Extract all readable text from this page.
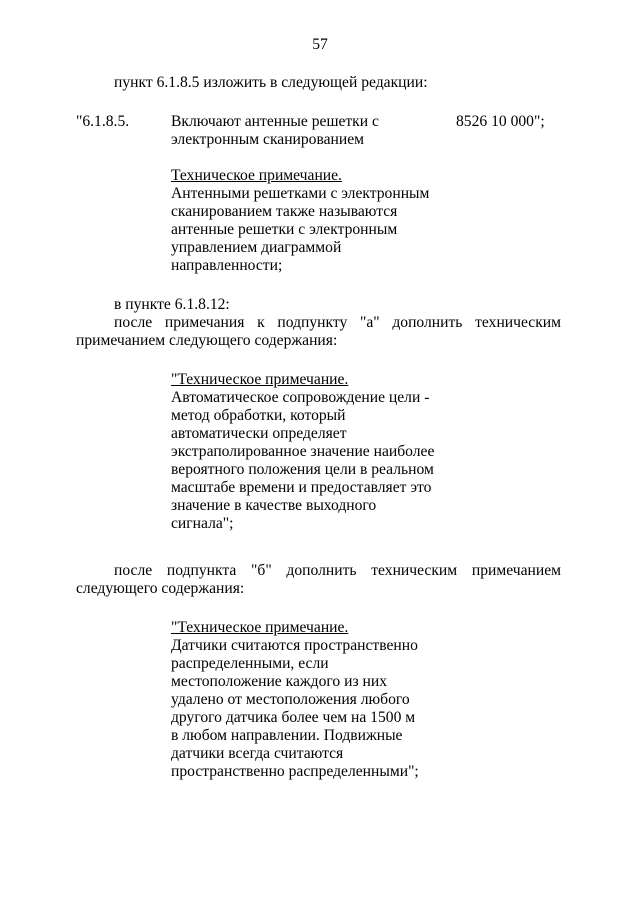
57
пункт 6.1.8.5 изложить в следующей редакции:
"6.1.8.5.	Включают антенные решетки с
электронным сканированием
8526 10 000";
Техническое примечание.
Антенными решетками с электронным
сканированием также называются
антенные решетки с электронным
управлением диаграммой
направленности;
в пункте 6.1.8.12:
после примечания к подпункту "а" дополнить техническим
примечанием следующего содержания:
"Техническое примечание.
Автоматическое сопровождение цели -
метод обработки, который
автоматически определяет
экстраполированное значение наиболее
вероятного положения цели в реальном
масштабе времени и предоставляет это
значение в качестве выходного
сигнала";
после подпункта "б" дополнить техническим примечанием
следующего содержания:
"Техническое примечание.
Датчики считаются пространственно
распределенными, если
местоположение каждого из них
удалено от местоположения любого
другого датчика более чем на 1500 м
в любом направлении. Подвижные
датчики всегда считаются
пространственно распределенными";
